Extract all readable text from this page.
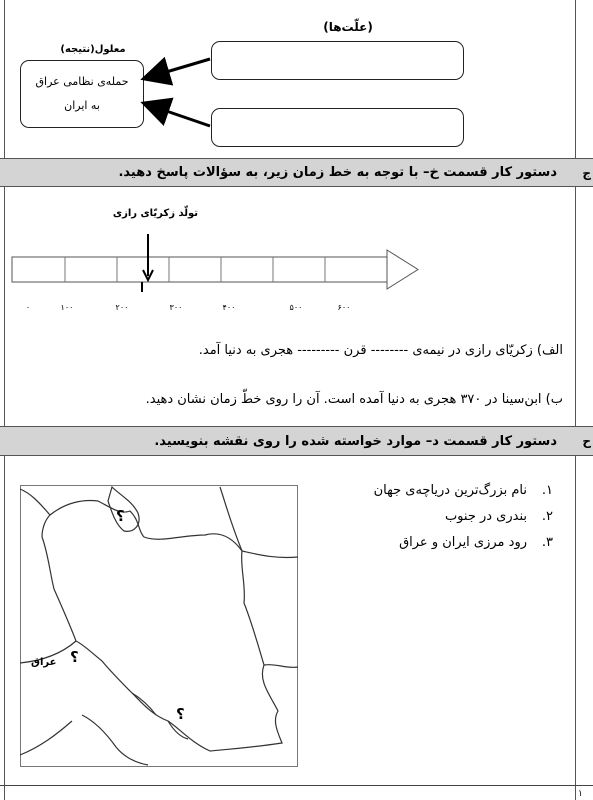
(علّت‌ها)
معلول(نتیجه)
حمله‌ی نظامی عراق
به ایران
دستور کار قسمت خ– با توجه به خط زمان زیر، به سؤالات پاسخ دهید. ج
تولّد زکریّای رازی
۰	۱۰۰	۲۰۰	۳۰۰	۴۰۰	۵۰۰	۶۰۰
الف) زکریّای رازی در نیمه‌ی -------- قرن --------- هجری به دنیا آمد.
ب) ابن‌سینا در ۳۷۰ هجری به دنیا آمده است. آن را روی خطّ زمان نشان دهید.
دستور کار قسمت د– موارد خواسته شده را روی نقشه بنویسید. ح
۱.نام بزرگ‌ترین دریاچه‌ی جهان
۲.بندری در جنوب
۳.رود مرزی ایران و عراق
؟
؟
؟
عراق
۱
